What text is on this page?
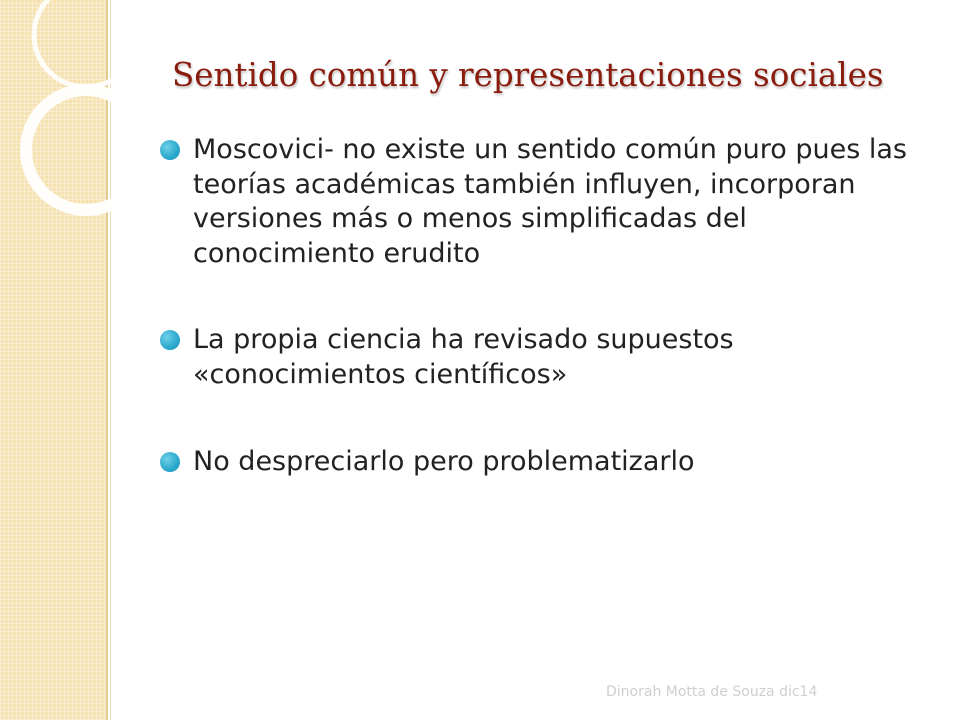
Sentido común y representaciones sociales
Moscovici- no existe un sentido común puro pues las teorías académicas también influyen, incorporan versiones más o menos simplificadas del conocimiento erudito
La propia ciencia ha revisado supuestos «conocimientos científicos»
No despreciarlo pero problematizarlo

Dinorah Motta de Souza dic14
